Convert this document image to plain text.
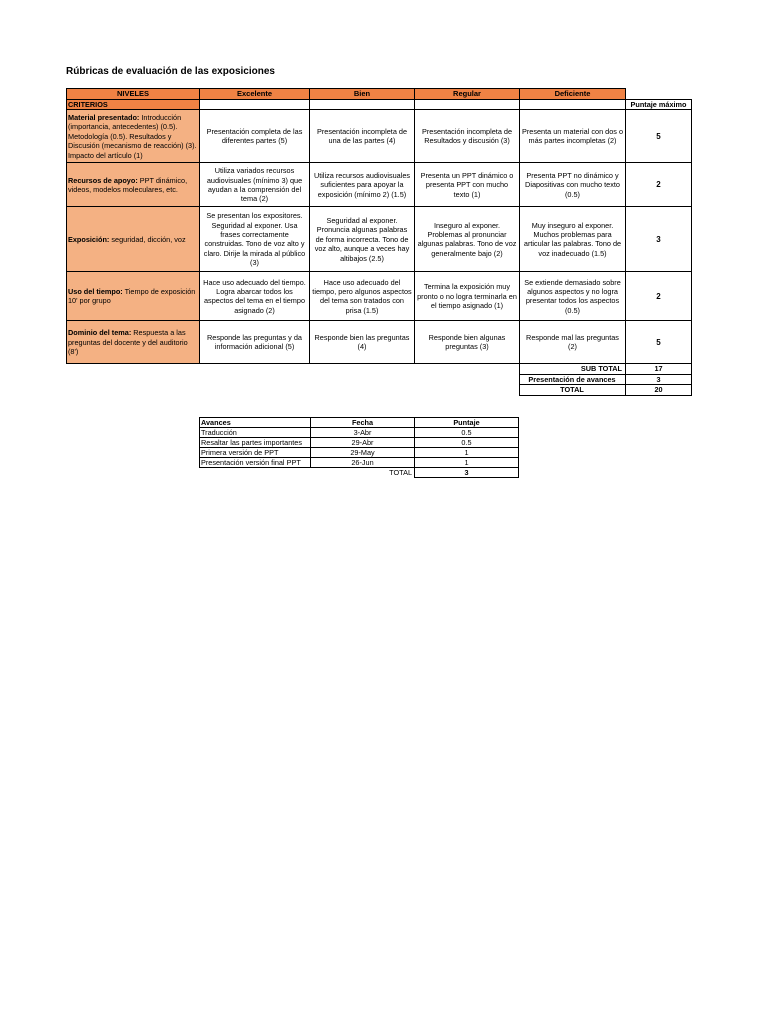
Rúbricas de evaluación de las exposiciones
NIVELES	Excelente	Bien	Regular	Deficiente	
CRITERIOS					Puntaje máximo
Material presentado: Introducción (importancia, antecedentes) (0.5). Metodología (0.5). Resultados y Discusión (mecanismo de reacción) (3). Impacto del artículo (1)	Presentación completa de las diferentes partes (5)	Presentación incompleta de una de las partes (4)	Presentación incompleta de Resultados y discusión (3)	Presenta un material con dos o más partes incompletas (2)	5
Recursos de apoyo: PPT dinámico, videos, modelos moleculares, etc.	Utiliza variados recursos audiovisuales (mínimo 3) que ayudan a la comprensión del tema (2)	Utiliza recursos audiovisuales suficientes para apoyar la exposición (mínimo 2) (1.5)	Presenta un PPT dinámico o presenta PPT con mucho texto (1)	Presenta PPT no dinámico y Diapositivas con mucho texto (0.5)	2
Exposición: seguridad, dicción, voz	Se presentan los expositores. Seguridad al exponer. Usa frases correctamente construidas. Tono de voz alto y claro. Dirije la mirada al público (3)	Seguridad al exponer. Pronuncia algunas palabras de forma incorrecta. Tono de voz alto, aunque a veces hay altibajos (2.5)	Inseguro al exponer. Problemas al pronunciar algunas palabras. Tono de voz generalmente bajo (2)	Muy inseguro al exponer. Muchos problemas para articular las palabras. Tono de voz inadecuado (1.5)	3
Uso del tiempo: Tiempo de exposición 10' por grupo	Hace uso adecuado del tiempo. Logra abarcar todos los aspectos del tema en el tiempo asignado (2)	Hace uso adecuado del tiempo, pero algunos aspectos del tema son tratados con prisa (1.5)	Termina la exposición muy pronto o no logra terminarla en el tiempo asignado (1)	Se extiende demasiado sobre algunos aspectos y no logra presentar todos los aspectos (0.5)	2
Dominio del tema: Respuesta a las preguntas del docente y del auditorio (8')	Responde las preguntas y da información adicional (5)	Responde bien las preguntas (4)	Responde bien algunas preguntas (3)	Responde mal las preguntas (2)	5
				SUB TOTAL	17
				Presentación de avances	3
				TOTAL	20
Avances	Fecha	Puntaje
Traducción	3-Abr	0.5
Resaltar las partes importantes	29-Abr	0.5
Primera versión de PPT	29-May	1
Presentación versión final PPT	26-Jun	1
	TOTAL	3
